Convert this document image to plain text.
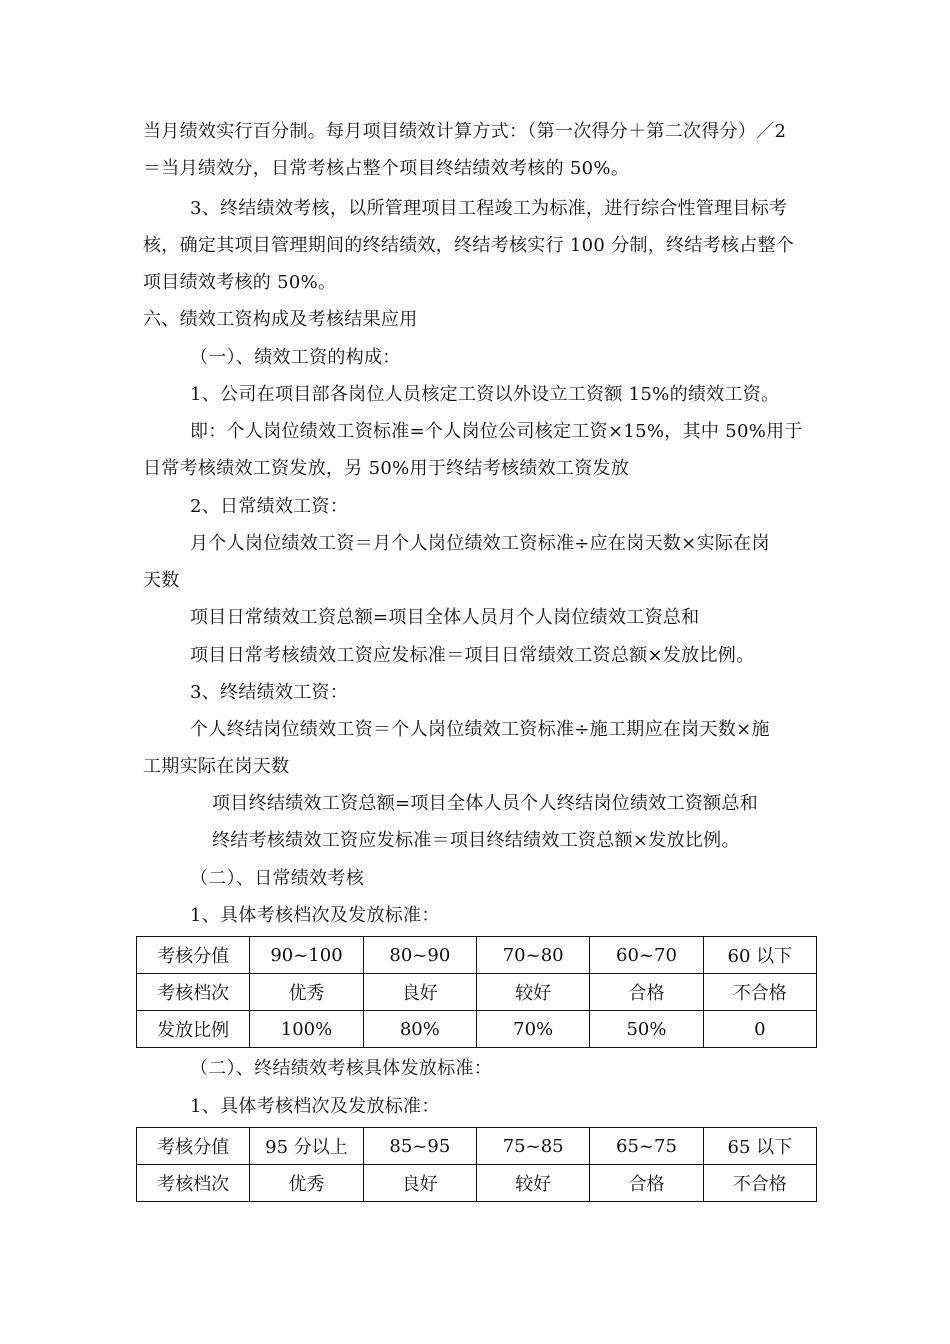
当月绩效实行百分制。每月项目绩效计算方式：（第一次得分＋第二次得分）／2
＝当月绩效分，日常考核占整个项目终结绩效考核的 50%。
3、终结绩效考核，以所管理项目工程竣工为标准，进行综合性管理目标考
核，确定其项目管理期间的终结绩效，终结考核实行 100 分制，终结考核占整个
项目绩效考核的 50%。
六、绩效工资构成及考核结果应用
（一）、绩效工资的构成：
1、公司在项目部各岗位人员核定工资以外设立工资额 15%的绩效工资。
即：个人岗位绩效工资标准=个人岗位公司核定工资×15%，其中 50%用于
日常考核绩效工资发放，另 50%用于终结考核绩效工资发放
2、日常绩效工资：
月个人岗位绩效工资＝月个人岗位绩效工资标准÷应在岗天数×实际在岗
天数
项目日常绩效工资总额=项目全体人员月个人岗位绩效工资总和
项目日常考核绩效工资应发标准＝项目日常绩效工资总额×发放比例。
3、终结绩效工资：
个人终结岗位绩效工资＝个人岗位绩效工资标准÷施工期应在岗天数×施
工期实际在岗天数
项目终结绩效工资总额=项目全体人员个人终结岗位绩效工资额总和
终结考核绩效工资应发标准＝项目终结绩效工资总额×发放比例。
（二）、日常绩效考核
1、具体考核档次及发放标准：
考核分值	90~100	80~90	70~80	60~70	60 以下
考核档次	优秀	良好	较好	合格	不合格
发放比例	100%	80%	70%	50%	0
（二）、终结绩效考核具体发放标准：
1、具体考核档次及发放标准：
考核分值	95 分以上	85~95	75~85	65~75	65 以下
考核档次	优秀	良好	较好	合格	不合格
